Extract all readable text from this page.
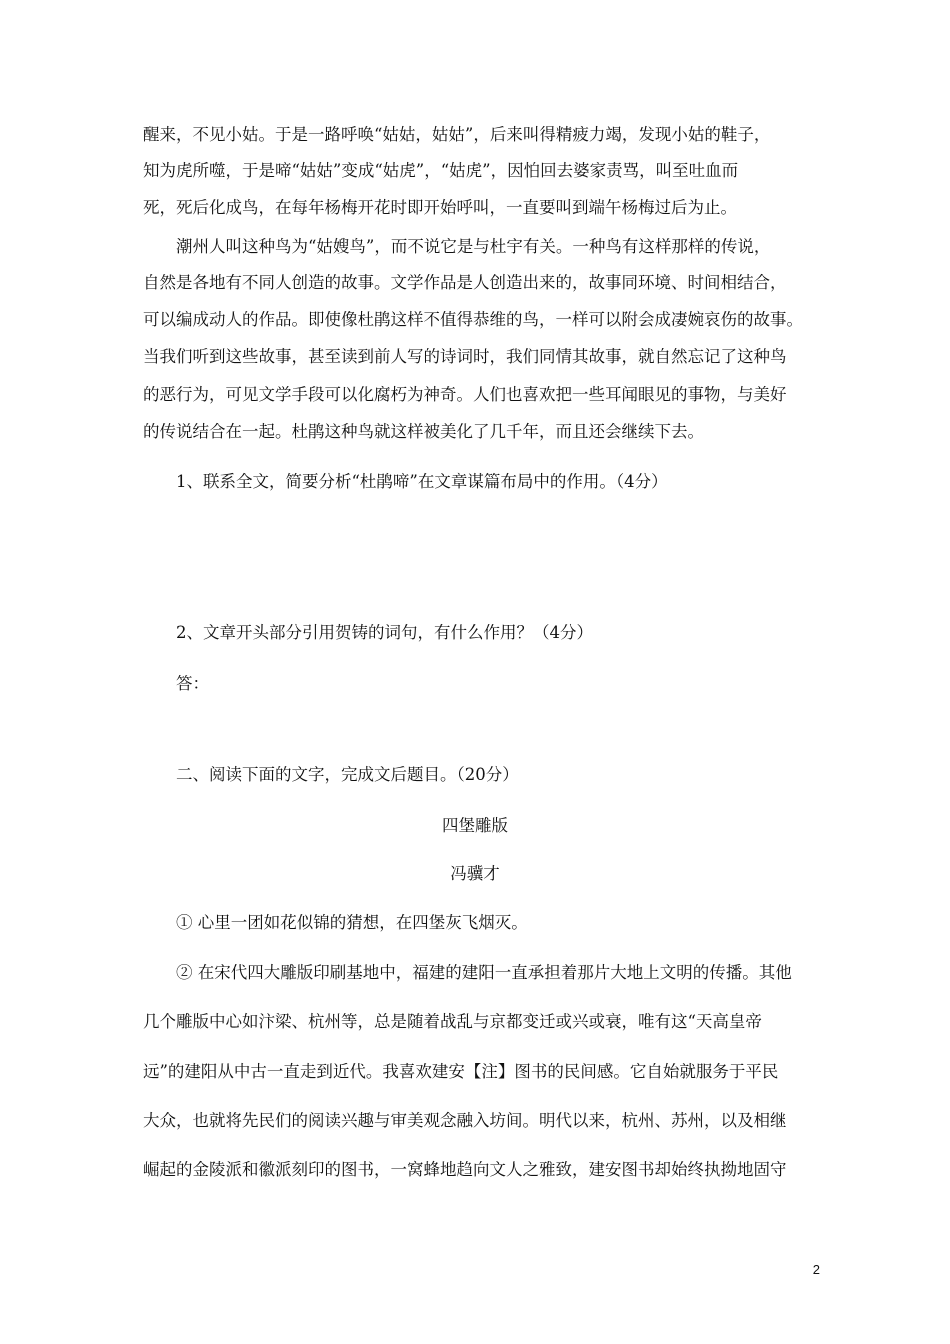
醒来，不见小姑。于是一路呼唤“姑姑，姑姑”，后来叫得精疲力竭，发现小姑的鞋子，
知为虎所噬，于是啼“姑姑”变成“姑虎”，“姑虎”，因怕回去婆家责骂，叫至吐血而
死，死后化成鸟，在每年杨梅开花时即开始呼叫，一直要叫到端午杨梅过后为止。
潮州人叫这种鸟为“姑嫂鸟”，而不说它是与杜宇有关。一种鸟有这样那样的传说，
自然是各地有不同人创造的故事。文学作品是人创造出来的，故事同环境、时间相结合，
可以编成动人的作品。即使像杜鹃这样不值得恭维的鸟，一样可以附会成凄婉哀伤的故事。
当我们听到这些故事，甚至读到前人写的诗词时，我们同情其故事，就自然忘记了这种鸟
的恶行为，可见文学手段可以化腐朽为神奇。人们也喜欢把一些耳闻眼见的事物，与美好
的传说结合在一起。杜鹃这种鸟就这样被美化了几千年，而且还会继续下去。
1、联系全文，简要分析“杜鹃啼”在文章谋篇布局中的作用。（4分）
2、文章开头部分引用贺铸的词句，有什么作用？（4分）
答：
二、阅读下面的文字，完成文后题目。（20分）
四堡雕版
冯骥才
① 心里一团如花似锦的猜想，在四堡灰飞烟灭。
② 在宋代四大雕版印刷基地中，福建的建阳一直承担着那片大地上文明的传播。其他
几个雕版中心如汴梁、杭州等，总是随着战乱与京都变迁或兴或衰，唯有这“天高皇帝
远”的建阳从中古一直走到近代。我喜欢建安【注】图书的民间感。它自始就服务于平民
大众，也就将先民们的阅读兴趣与审美观念融入坊间。明代以来，杭州、苏州，以及相继
崛起的金陵派和徽派刻印的图书，一窝蜂地趋向文人之雅致，建安图书却始终执拗地固守
2
